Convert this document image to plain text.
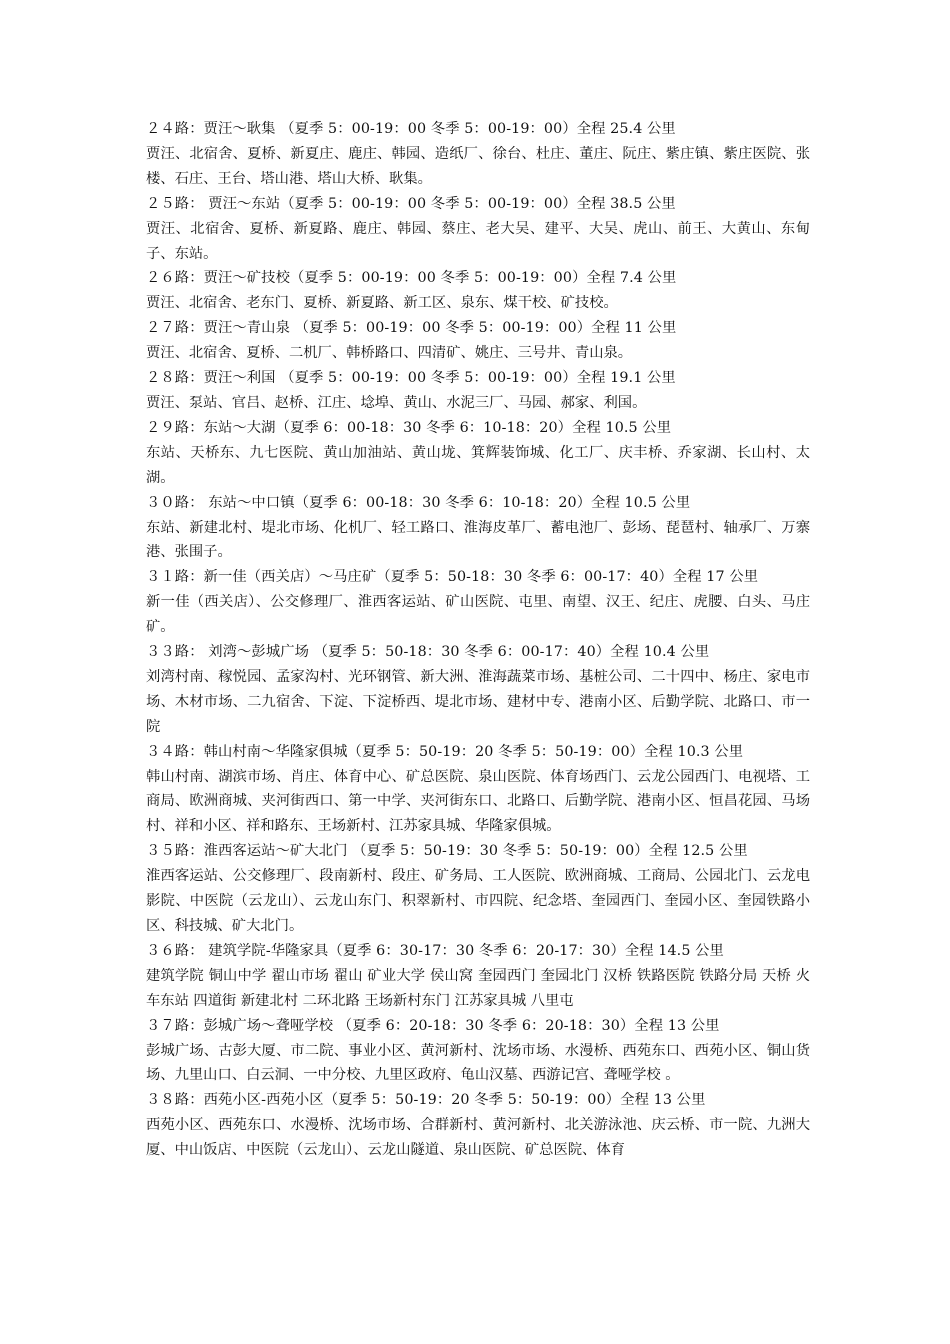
２４路：贾汪～耿集 （夏季 5：00-19：00 冬季 5：00-19：00）全程 25.4 公里
贾汪、北宿舍、夏桥、新夏庄、鹿庄、韩园、造纸厂、徐台、杜庄、董庄、阮庄、紫庄镇、紫庄医院、张楼、石庄、王台、塔山港、塔山大桥、耿集。
２５路： 贾汪～东站（夏季 5：00-19：00 冬季 5：00-19：00）全程 38.5 公里
贾汪、北宿舍、夏桥、新夏路、鹿庄、韩园、蔡庄、老大吴、建平、大吴、虎山、前王、大黄山、东甸子、东站。
２６路：贾汪～矿技校（夏季 5：00-19：00 冬季 5：00-19：00）全程 7.4 公里
贾汪、北宿舍、老东门、夏桥、新夏路、新工区、泉东、煤干校、矿技校。
２７路：贾汪～青山泉 （夏季 5：00-19：00 冬季 5：00-19：00）全程 11 公里
贾汪、北宿舍、夏桥、二机厂、韩桥路口、四清矿、姚庄、三号井、青山泉。
２８路：贾汪～利国 （夏季 5：00-19：00 冬季 5：00-19：00）全程 19.1 公里
贾汪、泵站、官吕、赵桥、江庄、埝埠、黄山、水泥三厂、马园、郝家、利国。
２９路：东站～大湖（夏季 6：00-18：30 冬季 6：10-18：20）全程 10.5 公里
东站、天桥东、九七医院、黄山加油站、黄山垅、箕辉装饰城、化工厂、庆丰桥、乔家湖、长山村、太湖。
３０路： 东站～中口镇（夏季 6：00-18：30 冬季 6：10-18：20）全程 10.5 公里
东站、新建北村、堤北市场、化机厂、轻工路口、淮海皮革厂、蓄电池厂、彭场、琵琶村、轴承厂、万寨港、张围子。
３１路：新一佳（西关店）～马庄矿（夏季 5：50-18：30 冬季 6：00-17：40）全程 17 公里
新一佳（西关店）、公交修理厂、淮西客运站、矿山医院、屯里、南望、汉王、纪庄、虎腰、白头、马庄矿。
３３路： 刘湾～彭城广场 （夏季 5：50-18：30 冬季 6：00-17：40）全程 10.4 公里
刘湾村南、稼悦园、孟家沟村、光环钢管、新大洲、淮海蔬菜市场、基桩公司、二十四中、杨庄、家电市场、木材市场、二九宿舍、下淀、下淀桥西、堤北市场、建材中专、港南小区、后勤学院、北路口、市一院
３４路：韩山村南～华隆家俱城（夏季 5：50-19：20 冬季 5：50-19：00）全程 10.3 公里
韩山村南、湖滨市场、肖庄、体育中心、矿总医院、泉山医院、体育场西门、云龙公园西门、电视塔、工商局、欧洲商城、夹河街西口、第一中学、夹河街东口、北路口、后勤学院、港南小区、恒昌花园、马场村、祥和小区、祥和路东、王场新村、江苏家具城、华隆家俱城。
３５路：淮西客运站～矿大北门 （夏季 5：50-19：30 冬季 5：50-19：00）全程 12.5 公里
淮西客运站、公交修理厂、段南新村、段庄、矿务局、工人医院、欧洲商城、工商局、公园北门、云龙电影院、中医院（云龙山）、云龙山东门、积翠新村、市四院、纪念塔、奎园西门、奎园小区、奎园铁路小区、科技城、矿大北门。
３６路： 建筑学院-华隆家具（夏季 6：30-17：30 冬季 6：20-17：30）全程 14.5 公里
建筑学院 铜山中学 翟山市场 翟山 矿业大学 侯山窝 奎园西门 奎园北门 汉桥 铁路医院 铁路分局 天桥 火车东站 四道街 新建北村 二环北路 王场新村东门 江苏家具城 八里屯
３７路：彭城广场～聋哑学校 （夏季 6：20-18：30 冬季 6：20-18：30）全程 13 公里
彭城广场、古彭大厦、市二院、事业小区、黄河新村、沈场市场、水漫桥、西苑东口、西苑小区、铜山货场、九里山口、白云洞、一中分校、九里区政府、龟山汉墓、西游记宫、聋哑学校 。
３８路：西苑小区-西苑小区（夏季 5：50-19：20 冬季 5：50-19：00）全程 13 公里
西苑小区、西苑东口、水漫桥、沈场市场、合群新村、黄河新村、北关游泳池、庆云桥、市一院、九洲大厦、中山饭店、中医院（云龙山）、云龙山隧道、泉山医院、矿总医院、体育
